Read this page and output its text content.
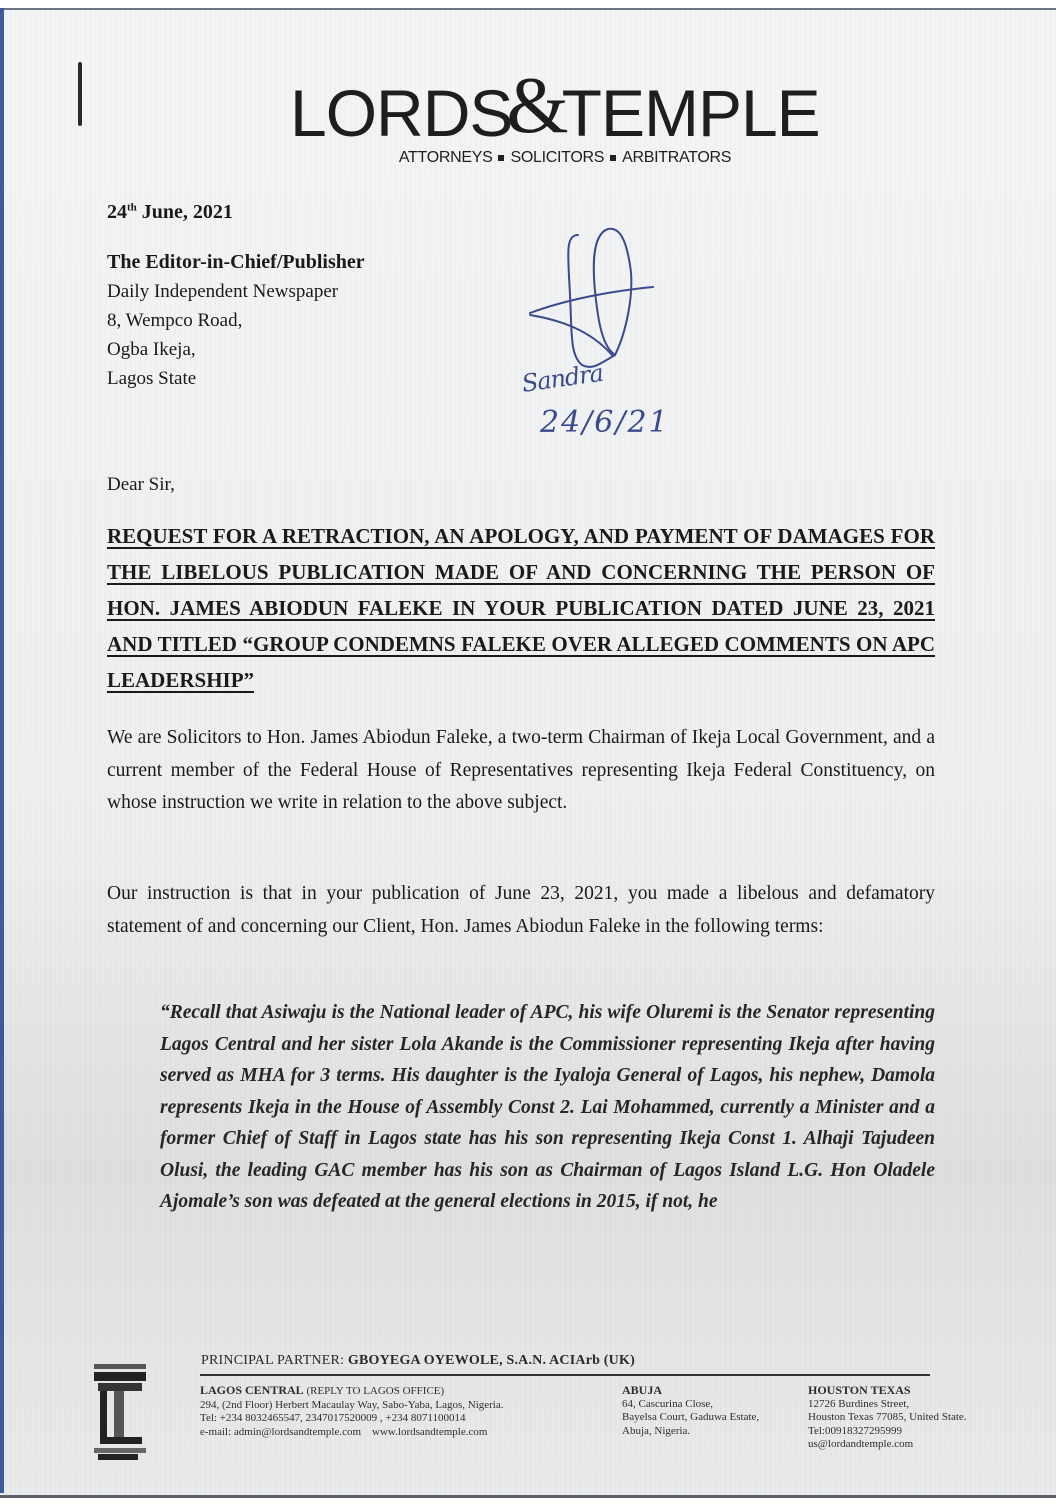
LORDS&TEMPLE
ATTORNEYS SOLICITORS ARBITRATORS
24th June, 2021
The Editor-in-Chief/Publisher
Daily Independent Newspaper
8, Wempco Road,
Ogba Ikeja,
Lagos State	Sandra
24/6/21
Dear Sir,
REQUEST FOR A RETRACTION, AN APOLOGY, AND PAYMENT OF DAMAGES FOR THE LIBELOUS PUBLICATION MADE OF AND CONCERNING THE PERSON OF HON. JAMES ABIODUN FALEKE IN YOUR PUBLICATION DATED JUNE 23, 2021 AND TITLED “GROUP CONDEMNS FALEKE OVER ALLEGED COMMENTS ON APC LEADERSHIP”
We are Solicitors to Hon. James Abiodun Faleke, a two-term Chairman of Ikeja Local Government, and a current member of the Federal House of Representatives representing Ikeja Federal Constituency, on whose instruction we write in relation to the above subject.
Our instruction is that in your publication of June 23, 2021, you made a libelous and defamatory statement of and concerning our Client, Hon. James Abiodun Faleke in the following terms:
“Recall that Asiwaju is the National leader of APC, his wife Oluremi is the Senator representing Lagos Central and her sister Lola Akande is the Commissioner representing Ikeja after having served as MHA for 3 terms. His daughter is the Iyaloja General of Lagos, his nephew, Damola represents Ikeja in the House of Assembly Const 2. Lai Mohammed, currently a Minister and a former Chief of Staff in Lagos state has his son representing Ikeja Const 1. Alhaji Tajudeen Olusi, the leading GAC member has his son as Chairman of Lagos Island L.G. Hon Oladele Ajomale’s son was defeated at the general elections in 2015, if not, he
PRINCIPAL PARTNER: GBOYEGA OYEWOLE, S.A.N. ACIArb (UK)
LAGOS CENTRAL (REPLY TO LAGOS OFFICE)
294, (2nd Floor) Herbert Macaulay Way, Sabo-Yaba, Lagos, Nigeria.
Tel: +234 8032465547, 2347017520009 , +234 8071100014
e-mail: admin@lordsandtemple.com    www.lordsandtemple.com
ABUJA
64, Cascurina Close,
Bayelsa Court, Gaduwa Estate,
Abuja, Nigeria.
HOUSTON TEXAS
12726 Burdines Street,
Houston Texas 77085, United State.
Tel:00918327295999
us@lordandtemple.com
